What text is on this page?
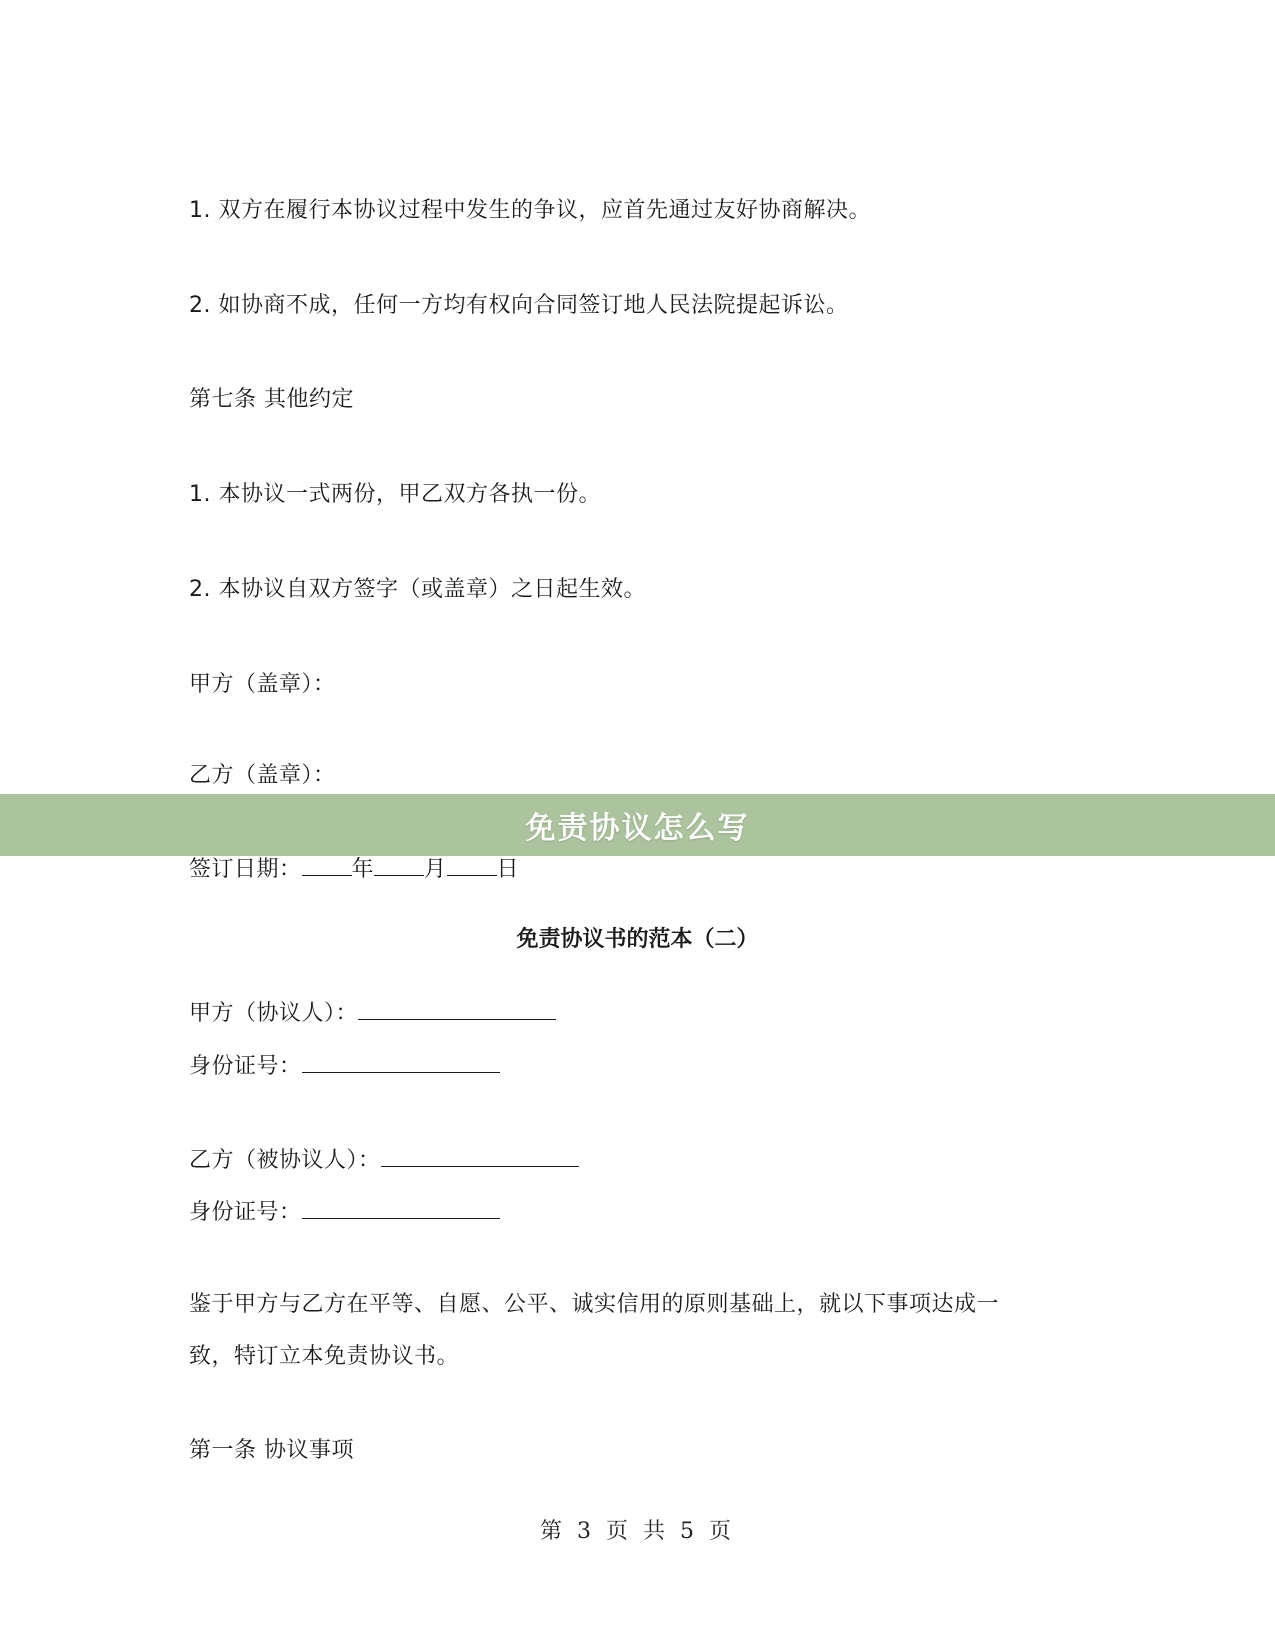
1. 双方在履行本协议过程中发生的争议，应首先通过友好协商解决。
2. 如协商不成，任何一方均有权向合同签订地人民法院提起诉讼。
第七条 其他约定
1. 本协议一式两份，甲乙双方各执一份。
2. 本协议自双方签字（或盖章）之日起生效。
甲方（盖章）：
乙方（盖章）：
签订日期： 年 月 日
免责协议书的范本（二）
甲方（协议人）：
身份证号：
乙方（被协议人）：
身份证号：
鉴于甲方与乙方在平等、自愿、公平、诚实信用的原则基础上，就以下事项达成一
致，特订立本免责协议书。
第一条 协议事项
第 3 页 共 5 页
免责协议怎么写
